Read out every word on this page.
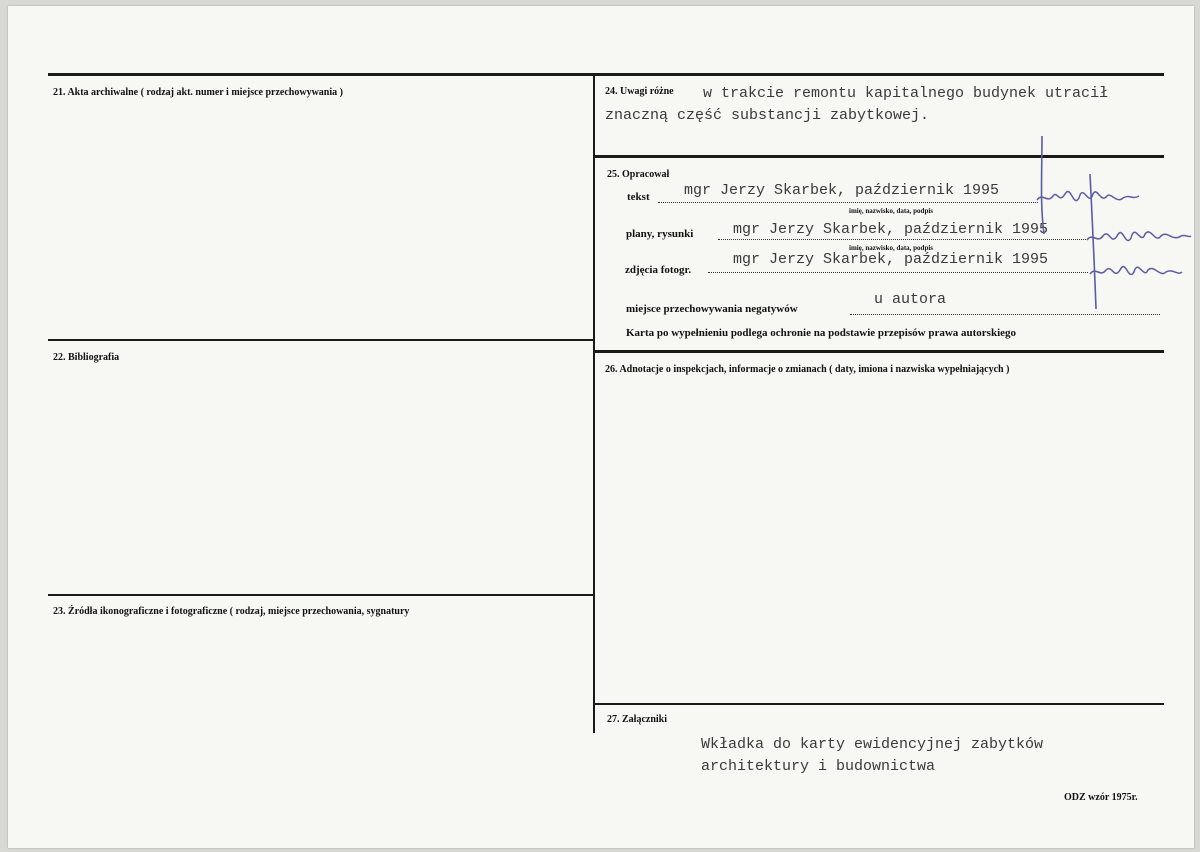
21. Akta archiwalne ( rodzaj akt. numer i miejsce przechowywania )
22. Bibliografia
23. Źródła ikonograficzne i fotograficzne ( rodzaj, miejsce przechowania, sygnatury
24. Uwagi różne w trakcie remontu kapitalnego budynek utracił
znaczną część substancji zabytkowej.
25. Opracował
tekst mgr Jerzy Skarbek, październik 1995
imię, nazwisko, data, podpis
plany, rysunki	mgr Jerzy Skarbek, październik 1995
imię, nazwisko, data, podpis
zdjęcia fotogr.
mgr Jerzy Skarbek, październik 1995
miejsce przechowywania negatywów
u autora
Karta po wypełnieniu podlega ochronie na podstawie przepisów prawa autorskiego
26. Adnotacje o inspekcjach, informacje o zmianach ( daty, imiona i nazwiska wypełniających )
27. Załączniki
Wkładka do karty ewidencyjnej zabytków
architektury i budownictwa
ODZ wzór 1975r.
